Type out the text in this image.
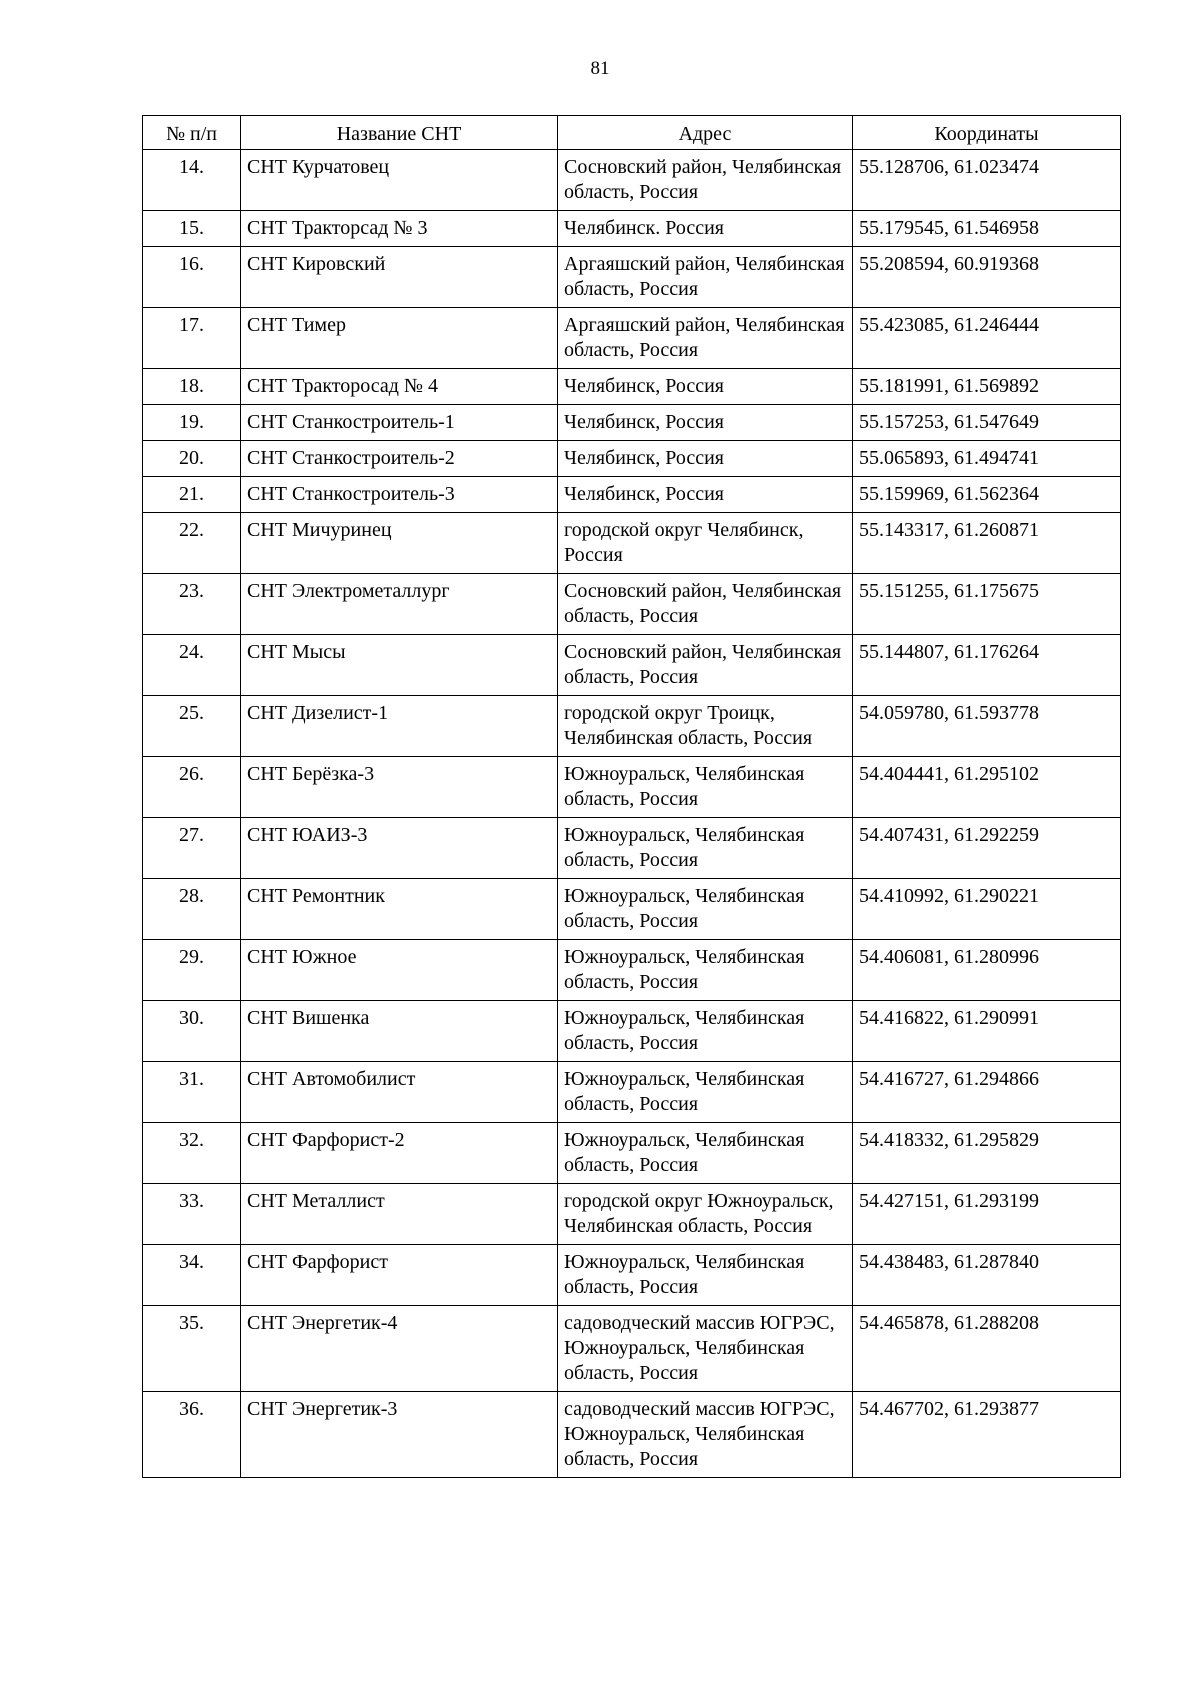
81
№ п/п	Название СНТ	Адрес	Координаты
14.	СНТ Курчатовец	Сосновский район, Челябинская область, Россия	55.128706, 61.023474
15.	СНТ Тракторсад № 3	Челябинск. Россия	55.179545, 61.546958
16.	СНТ Кировский	Аргаяшский район, Челябинская область, Россия	55.208594, 60.919368
17.	СНТ Тимер	Аргаяшский район, Челябинская область, Россия	55.423085, 61.246444
18.	СНТ Тракторосад № 4	Челябинск, Россия	55.181991, 61.569892
19.	СНТ Станкостроитель-1	Челябинск, Россия	55.157253, 61.547649
20.	СНТ Станкостроитель-2	Челябинск, Россия	55.065893, 61.494741
21.	СНТ Станкостроитель-3	Челябинск, Россия	55.159969, 61.562364
22.	СНТ Мичуринец	городской округ Челябинск, Россия	55.143317, 61.260871
23.	СНТ Электрометаллург	Сосновский район, Челябинская область, Россия	55.151255, 61.175675
24.	СНТ Мысы	Сосновский район, Челябинская область, Россия	55.144807, 61.176264
25.	СНТ Дизелист-1	городской округ Троицк, Челябинская область, Россия	54.059780, 61.593778
26.	СНТ Берёзка-3	Южноуральск, Челябинская область, Россия	54.404441, 61.295102
27.	СНТ ЮАИЗ-3	Южноуральск, Челябинская область, Россия	54.407431, 61.292259
28.	СНТ Ремонтник	Южноуральск, Челябинская область, Россия	54.410992, 61.290221
29.	СНТ Южное	Южноуральск, Челябинская область, Россия	54.406081, 61.280996
30.	СНТ Вишенка	Южноуральск, Челябинская область, Россия	54.416822, 61.290991
31.	СНТ Автомобилист	Южноуральск, Челябинская область, Россия	54.416727, 61.294866
32.	СНТ Фарфорист-2	Южноуральск, Челябинская область, Россия	54.418332, 61.295829
33.	СНТ Металлист	городской округ Южноуральск, Челябинская область, Россия	54.427151, 61.293199
34.	СНТ Фарфорист	Южноуральск, Челябинская область, Россия	54.438483, 61.287840
35.	СНТ Энергетик-4	садоводческий массив ЮГРЭС, Южноуральск, Челябинская область, Россия	54.465878, 61.288208
36.	СНТ Энергетик-3	садоводческий массив ЮГРЭС, Южноуральск, Челябинская область, Россия	54.467702, 61.293877
